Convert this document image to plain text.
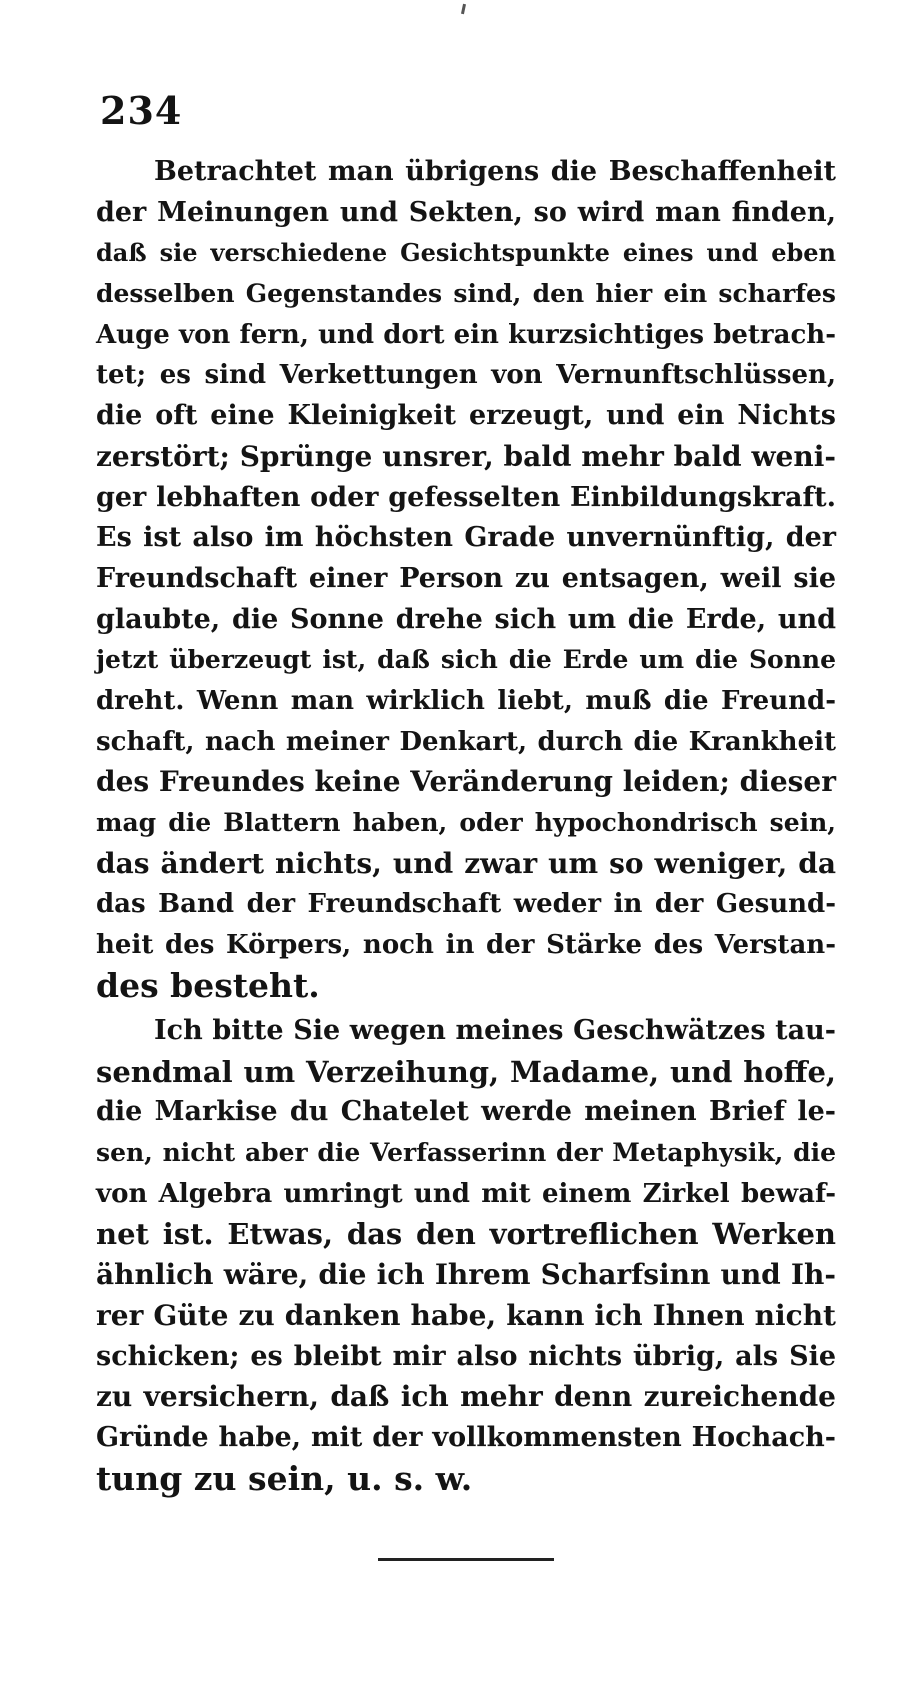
234
Betrachtet man übrigens die Beschaffenheit
der Meinungen und Sekten, so wird man finden,
daß sie verschiedene Gesichtspunkte eines und eben
desselben Gegenstandes sind, den hier ein scharfes
Auge von fern, und dort ein kurzsichtiges betrach-
tet; es sind Verkettungen von Vernunftschlüssen,
die oft eine Kleinigkeit erzeugt, und ein Nichts
zerstört; Sprünge unsrer, bald mehr bald weni-
ger lebhaften oder gefesselten Einbildungskraft.
Es ist also im höchsten Grade unvernünftig, der
Freundschaft einer Person zu entsagen, weil sie
glaubte, die Sonne drehe sich um die Erde, und
jetzt überzeugt ist, daß sich die Erde um die Sonne
dreht. Wenn man wirklich liebt, muß die Freund-
schaft, nach meiner Denkart, durch die Krankheit
des Freundes keine Veränderung leiden; dieser
mag die Blattern haben, oder hypochondrisch sein,
das ändert nichts, und zwar um so weniger, da
das Band der Freundschaft weder in der Gesund-
heit des Körpers, noch in der Stärke des Verstan-
des besteht.
Ich bitte Sie wegen meines Geschwätzes tau-
sendmal um Verzeihung, Madame, und hoffe,
die Markise du Chatelet werde meinen Brief le-
sen, nicht aber die Verfasserinn der Metaphysik, die
von Algebra umringt und mit einem Zirkel bewaf-
net ist. Etwas, das den vortreflichen Werken
ähnlich wäre, die ich Ihrem Scharfsinn und Ih-
rer Güte zu danken habe, kann ich Ihnen nicht
schicken; es bleibt mir also nichts übrig, als Sie
zu versichern, daß ich mehr denn zureichende
Gründe habe, mit der vollkommensten Hochach-
tung zu sein, u. s. w.
